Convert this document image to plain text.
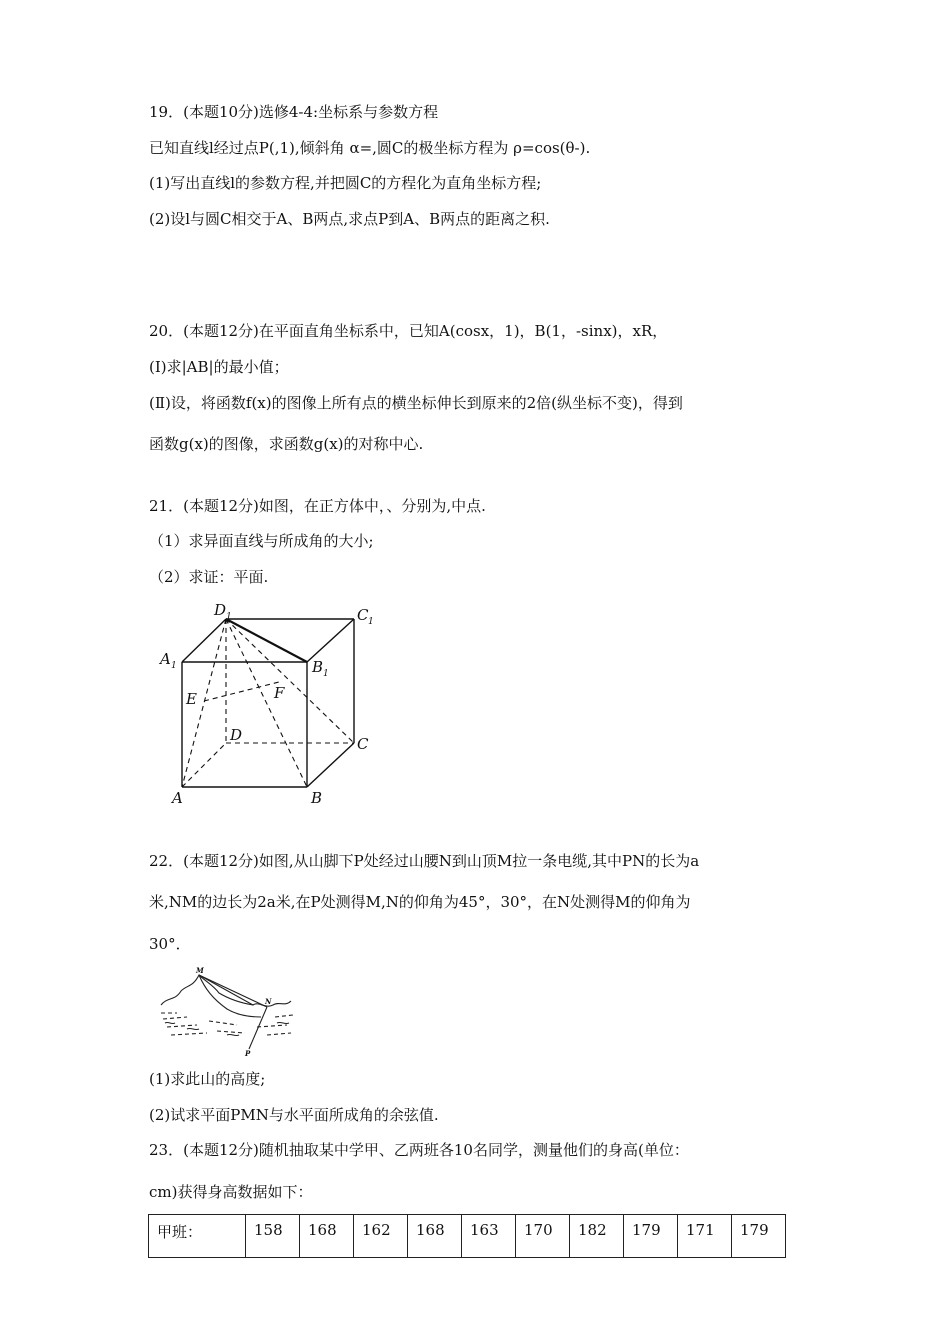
19．(本题10分)选修4-4:坐标系与参数方程
已知直线l经过点P(,1),倾斜角 α=,圆C的极坐标方程为 ρ=cos(θ-).
(1)写出直线l的参数方程,并把圆C的方程化为直角坐标方程;
(2)设l与圆C相交于A、B两点,求点P到A、B两点的距离之积.
20．(本题12分)在平面直角坐标系中，已知A(cosx，1)，B(1，-sinx)，xR，
(I)求|AB|的最小值；
(Ⅱ)设，将函数f(x)的图像上所有点的横坐标伸长到原来的2倍(纵坐标不变)，得到
函数g(x)的图像，求函数g(x)的对称中心.
21．(本题12分)如图，在正方体中，、分别为,中点.
（1）求异面直线与所成角的大小;
（2）求证：平面.
D 1	C 1
A 1	B 1
E	F
D	C
A	B
22．(本题12分)如图,从山脚下P处经过山腰N到山顶M拉一条电缆,其中PN的长为a
米,NM的边长为2a米,在P处测得M,N的仰角为45°，30°，在N处测得M的仰角为
30°．
M
N
P
(1)求此山的高度;
(2)试求平面PMN与水平面所成角的余弦值.
23．(本题12分)随机抽取某中学甲、乙两班各10名同学，测量他们的身高(单位：
cm)获得身高数据如下：
甲班：	158	168	162	168	163	170	182	179	171	179
